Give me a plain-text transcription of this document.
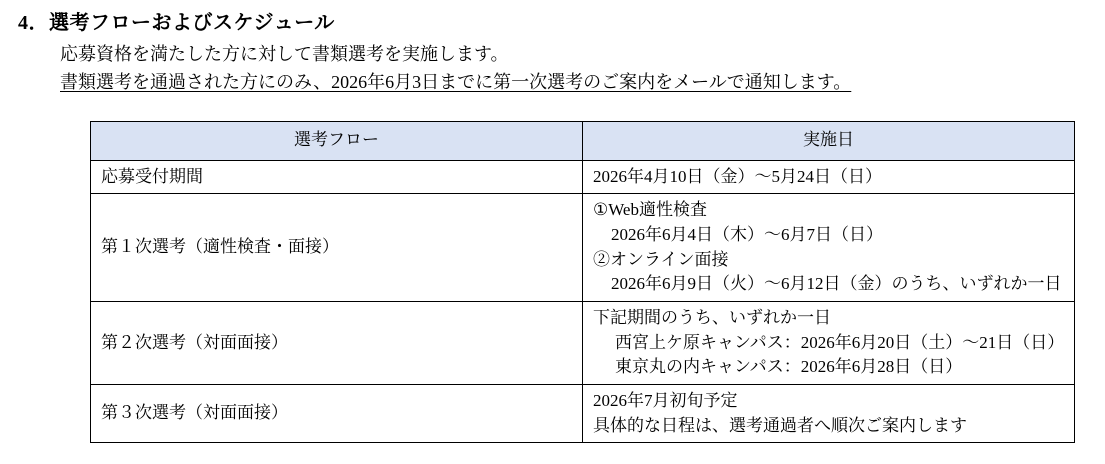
4．選考フローおよびスケジュール
応募資格を満たした方に対して書類選考を実施します。
書類選考を通過された方にのみ、2026年6月3日までに第一次選考のご案内をメールで通知します。
選考フロー	実施日
応募受付期間	2026年4月10日（金）～5月24日（日）

第１次選考（適性検査・面接）	①Web適性検査
2026年6月4日（木）～6月7日（日）
②オンライン面接
2026年6月9日（火）～6月12日（金）のうち、いずれか一日

第２次選考（対面面接）	下記期間のうち、いずれか一日
西宮上ケ原キャンパス：2026年6月20日（土）～21日（日）
東京丸の内キャンパス：2026年6月28日（日）

第３次選考（対面面接）	2026年7月初旬予定
具体的な日程は、選考通過者へ順次ご案内します
